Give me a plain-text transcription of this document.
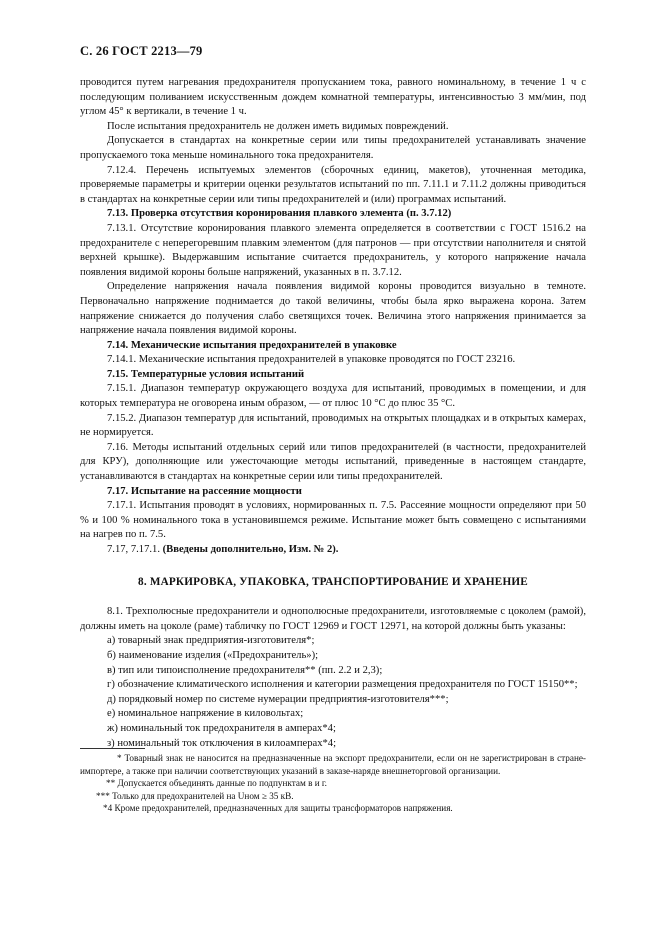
С. 26 ГОСТ 2213—79

проводится путем нагревания предохранителя пропусканием тока, равного номинальному, в течение 1 ч с последующим поливанием искусственным дождем комнатной температуры, интенсивностью 3 мм/мин, под углом 45° к вертикали, в течение 1 ч.

После испытания предохранитель не должен иметь видимых повреждений.

Допускается в стандартах на конкретные серии или типы предохранителей устанавливать значение пропускаемого тока меньше номинального тока предохранителя.

7.12.4. Перечень испытуемых элементов (сборочных единиц, макетов), уточненная методика, проверяемые параметры и критерии оценки результатов испытаний по пп. 7.11.1 и 7.11.2 должны приводиться в стандартах на конкретные серии или типы предохранителей и (или) программах испытаний.

7.13. Проверка отсутствия коронирования плавкого элемента (п. 3.7.12)

7.13.1. Отсутствие коронирования плавкого элемента определяется в соответствии с ГОСТ 1516.2 на предохранителе с неперегоревшим плавким элементом (для патронов — при отсутствии наполнителя и снятой верхней крышке). Выдержавшим испытание считается предохранитель, у которого напряжение начала появления видимой короны больше напряжений, указанных в п. 3.7.12.

Определение напряжения начала появления видимой короны проводится визуально в темноте. Первоначально напряжение поднимается до такой величины, чтобы была ярко выражена корона. Затем напряжение снижается до получения слабо светящихся точек. Величина этого напряжения принимается за напряжение начала появления видимой короны.

7.14. Механические испытания предохранителей в упаковке

7.14.1. Механические испытания предохранителей в упаковке проводятся по ГОСТ 23216.

7.15. Температурные условия испытаний

7.15.1. Диапазон температур окружающего воздуха для испытаний, проводимых в помещении, и для которых температура не оговорена иным образом, — от плюс 10 °С до плюс 35 °С.

7.15.2. Диапазон температур для испытаний, проводимых на открытых площадках и в открытых камерах, не нормируется.

7.16. Методы испытаний отдельных серий или типов предохранителей (в частности, предохранителей для КРУ), дополняющие или ужесточающие методы испытаний, приведенные в настоящем стандарте, устанавливаются в стандартах на конкретные серии или типы предохранителей.

7.17. Испытание на рассеяние мощности

7.17.1. Испытания проводят в условиях, нормированных п. 7.5. Рассеяние мощности определяют при 50 % и 100 % номинального тока в установившемся режиме. Испытание может быть совмещено с испытаниями на нагрев по п. 7.5.

7.17, 7.17.1. (Введены дополнительно, Изм. № 2).

8. МАРКИРОВКА, УПАКОВКА, ТРАНСПОРТИРОВАНИЕ И ХРАНЕНИЕ

8.1. Трехполюсные предохранители и однополюсные предохранители, изготовляемые с цоколем (рамой), должны иметь на цоколе (раме) табличку по ГОСТ 12969 и ГОСТ 12971, на которой должны быть указаны:

а) товарный знак предприятия-изготовителя*;

б) наименование изделия («Предохранитель»);

в) тип или типоисполнение предохранителя** (пп. 2.2 и 2,3);

г) обозначение климатического исполнения и категории размещения предохранителя по ГОСТ 15150**;

д) порядковый номер по системе нумерации предприятия-изготовителя***;

е) номинальное напряжение в киловольтах;

ж) номинальный ток предохранителя в амперах*4;

з) номинальный ток отключения в килоамперах*4;

* Товарный знак не наносится на предназначенные на экспорт предохранители, если он не зарегистрирован в стране-импортере, а также при наличии соответствующих указаний в заказе-наряде внешнеторговой организации.

** Допускается объединять данные по подпунктам в и г.

*** Только для предохранителей на Uном ≥ 35 кВ.

*4 Кроме предохранителей, предназначенных для защиты трансформаторов напряжения.
